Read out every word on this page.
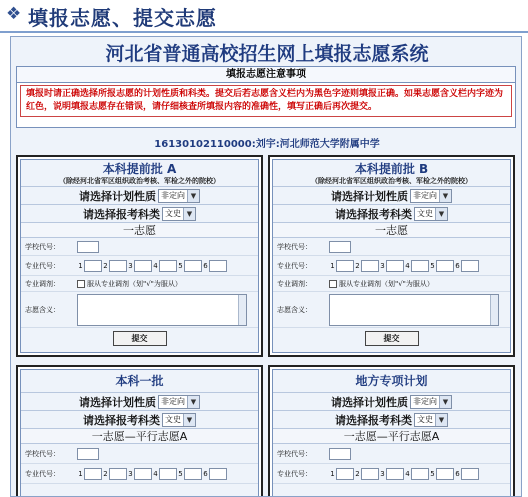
❖ 填报志愿、提交志愿
河北省普通高校招生网上填报志愿系统
填报志愿注意事项
填报时请正确选择所报志愿的计划性质和科类。提交后若志愿含义栏内为黑色字迹则填报正确。如果志愿含义栏内字迹为红色，说明填报志愿存在错误，请仔细核查所填报内容的准确性，填写正确后再次提交。
16130102110000:刘宇:河北师范大学附属中学
本科提前批 A
（除经河北省军区组织政治考核、军检之外的院校）
请选择计划性质 非定向 ▼
请选择报考科类 文史 ▼
一志愿
学校代号：
专业代号：	1	2	3	4	5	6
专业调剂：	服从专业调剂（划"√"为服从）
志愿含义：
提交
本科提前批 B
（除经河北省军区组织政治考核、军检之外的院校）
请选择计划性质 非定向 ▼
请选择报考科类 文史 ▼
一志愿
学校代号：
专业代号：	1	2	3	4	5	6
专业调剂：	服从专业调剂（划"√"为服从）
志愿含义：
提交
本科一批
请选择计划性质 非定向 ▼
请选择报考科类 文史 ▼
一志愿—平行志愿A
学校代号：
专业代号：	1	2	3	4	5	6
地方专项计划
请选择计划性质 非定向 ▼
请选择报考科类 文史 ▼
一志愿—平行志愿A
学校代号：
专业代号：	1	2	3	4	5	6
